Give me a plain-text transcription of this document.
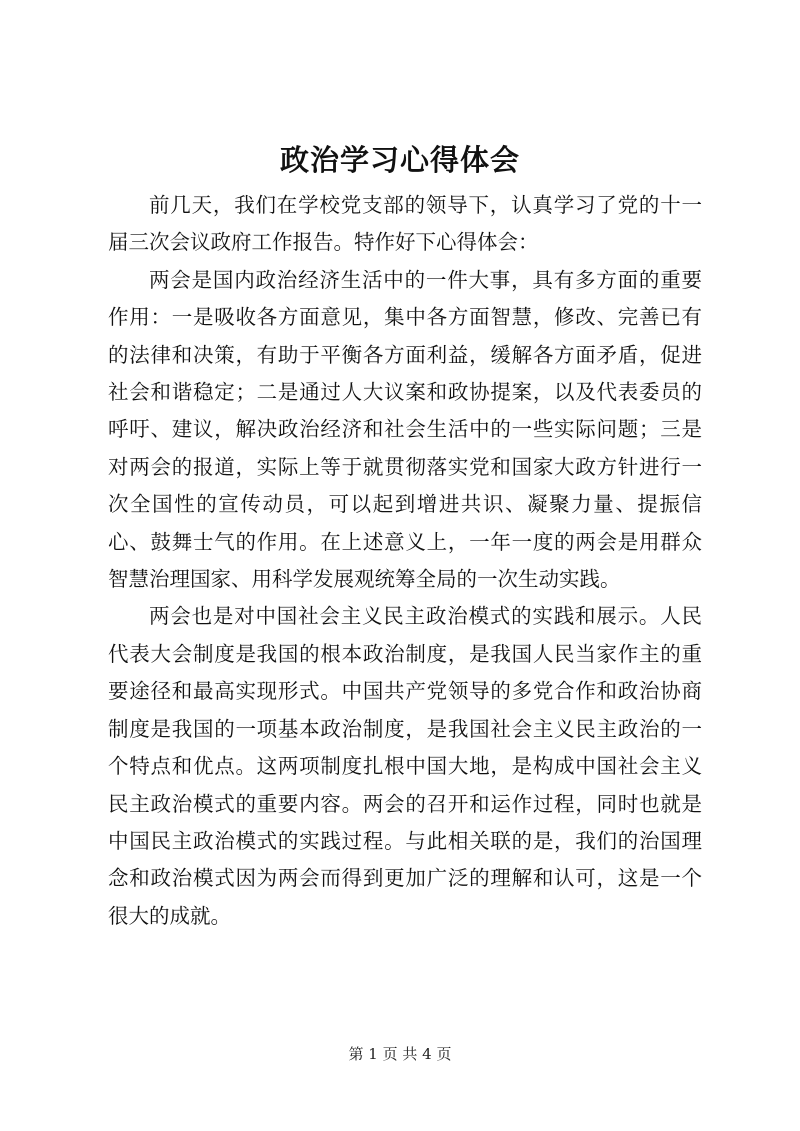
政治学习心得体会

前几天，我们在学校党支部的领导下，认真学习了党的十一届三次会议政府工作报告。特作好下心得体会：

两会是国内政治经济生活中的一件大事，具有多方面的重要作用：一是吸收各方面意见，集中各方面智慧，修改、完善已有的法律和决策，有助于平衡各方面利益，缓解各方面矛盾，促进社会和谐稳定；二是通过人大议案和政协提案，以及代表委员的呼吁、建议，解决政治经济和社会生活中的一些实际问题；三是对两会的报道，实际上等于就贯彻落实党和国家大政方针进行一次全国性的宣传动员，可以起到增进共识、凝聚力量、提振信心、鼓舞士气的作用。在上述意义上，一年一度的两会是用群众智慧治理国家、用科学发展观统筹全局的一次生动实践。

两会也是对中国社会主义民主政治模式的实践和展示。人民代表大会制度是我国的根本政治制度，是我国人民当家作主的重要途径和最高实现形式。中国共产党领导的多党合作和政治协商制度是我国的一项基本政治制度，是我国社会主义民主政治的一个特点和优点。这两项制度扎根中国大地，是构成中国社会主义民主政治模式的重要内容。两会的召开和运作过程，同时也就是中国民主政治模式的实践过程。与此相关联的是，我们的治国理念和政治模式因为两会而得到更加广泛的理解和认可，这是一个很大的成就。

第 1 页 共 4 页
